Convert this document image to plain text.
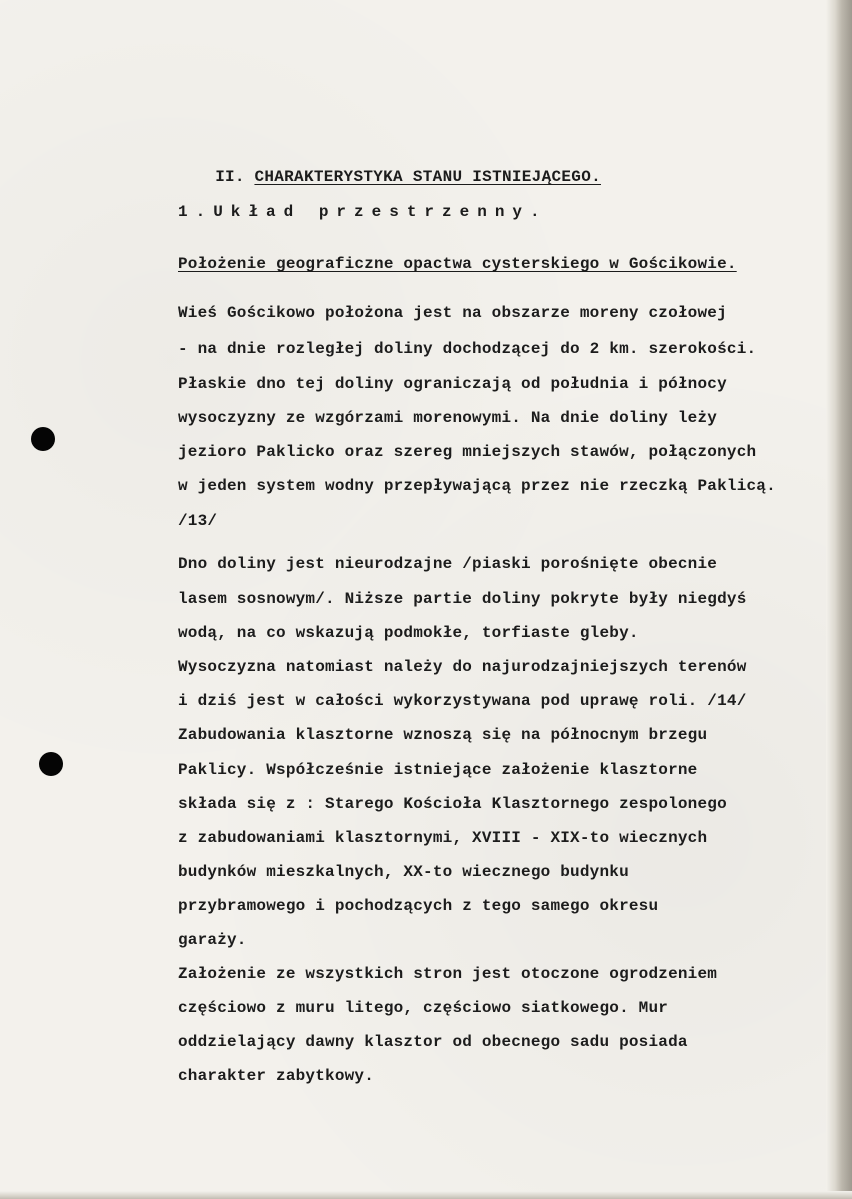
II. CHARAKTERYSTYKA STANU ISTNIEJĄCEGO.

1.Układ przestrzenny.
Położenie geograficzne opactwa cysterskiego w Gościkowie.
Wieś Gościkowo położona jest na obszarze moreny czołowej
- na dnie rozległej doliny dochodzącej do 2 km. szerokości.
Płaskie dno tej doliny ograniczają od południa i północy
wysoczyzny ze wzgórzami morenowymi. Na dnie doliny leży
jezioro Paklicko oraz szereg mniejszych stawów, połączonych
w jeden system wodny przepływającą przez nie rzeczką Paklicą.
/13/
Dno doliny jest nieurodzajne /piaski porośnięte obecnie
lasem sosnowym/. Niższe partie doliny pokryte były niegdyś
wodą, na co wskazują podmokłe, torfiaste gleby.
Wysoczyzna natomiast należy do najurodzajniejszych terenów
i dziś jest w całości wykorzystywana pod uprawę roli. /14/
Zabudowania klasztorne wznoszą się na północnym brzegu
Paklicy. Współcześnie istniejące założenie klasztorne
składa się z : Starego Kościoła Klasztornego zespolonego
z zabudowaniami klasztornymi, XVIII - XIX-to wiecznych
budynków mieszkalnych, XX-to wiecznego budynku
przybramowego i pochodzących z tego samego okresu
garaży.
Założenie ze wszystkich stron jest otoczone ogrodzeniem
częściowo z muru litego, częściowo siatkowego. Mur
oddzielający dawny klasztor od obecnego sadu posiada
charakter zabytkowy.
